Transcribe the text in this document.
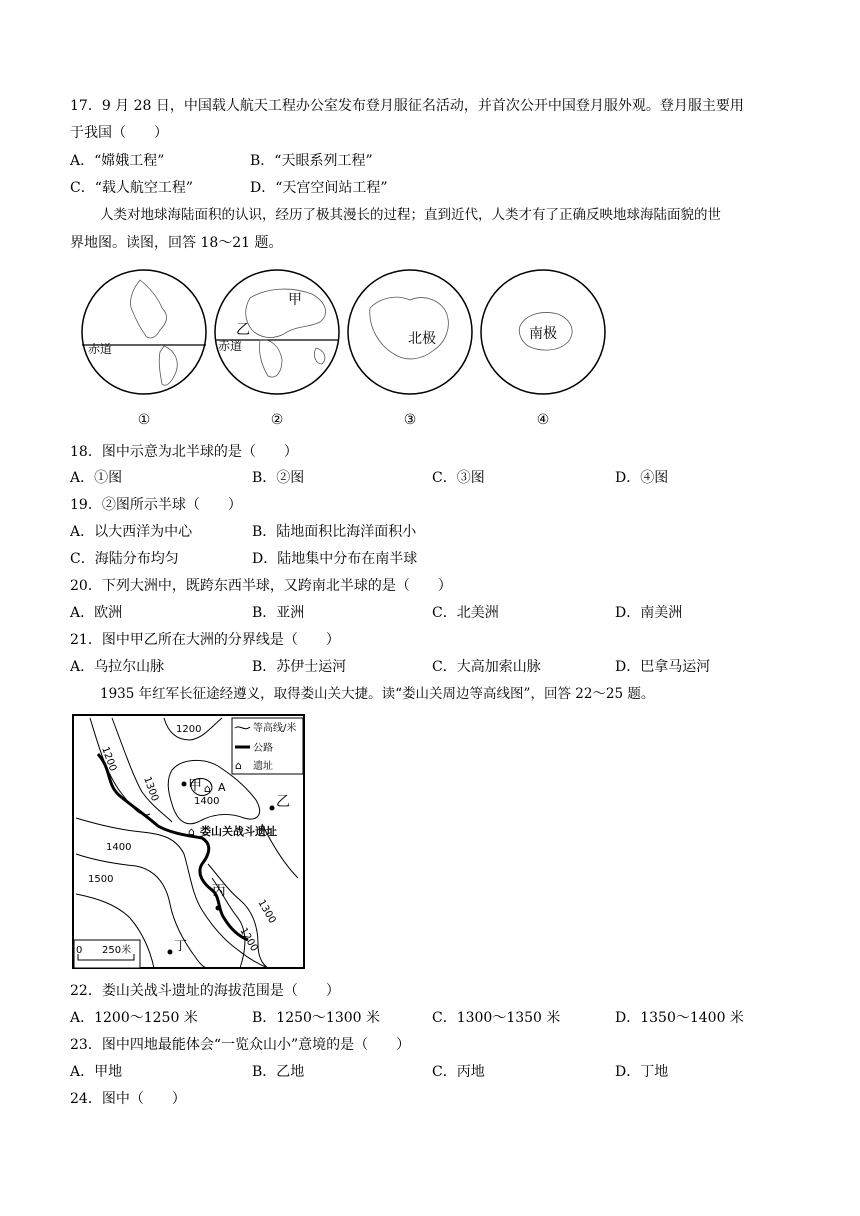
17．9 月 28 日，中国载人航天工程办公室发布登月服征名活动，并首次公开中国登月服外观。登月服主要用
于我国（　　）
A．“嫦娥工程”	B．“天眼系列工程”
C．“载人航空工程”	D．“天宫空间站工程”
人类对地球海陆面积的认识，经历了极其漫长的过程；直到近代，人类才有了正确反映地球海陆面貌的世
界地图。读图，回答 18～21 题。
赤道
①
甲
乙
赤道
②
北极
③
南极
④
18．图中示意为北半球的是（　　）
A．①图	B．②图	C．③图	D．④图
19．②图所示半球（　　）
A．以大西洋为中心	B．陆地面积比海洋面积小
C．海陆分布均匀	D．陆地集中分布在南半球
20．下列大洲中，既跨东西半球，又跨南北半球的是（　　）
A．欧洲	B．亚洲	C．北美洲	D．南美洲
21．图中甲乙所在大洲的分界线是（　　）
A．乌拉尔山脉	B．苏伊士运河	C．大高加索山脉	D．巴拿马运河
1935 年红军长征途经遵义，取得娄山关大捷。读“娄山关周边等高线图”，回答 22～25 题。
等高线/米
公路
⌂ 遗址
1200
1200
1300	1400
1400
1500
1300
1200
甲 ⌂ A
乙
⌂ 娄山关战斗遗址
丙
丁
0 250米
22．娄山关战斗遗址的海拔范围是（　　）
A．1200～1250 米	B．1250～1300 米	C．1300～1350 米	D．1350～1400 米
23．图中四地最能体会“一览众山小”意境的是（　　）
A．甲地	B．乙地	C．丙地	D．丁地
24．图中（　　）
